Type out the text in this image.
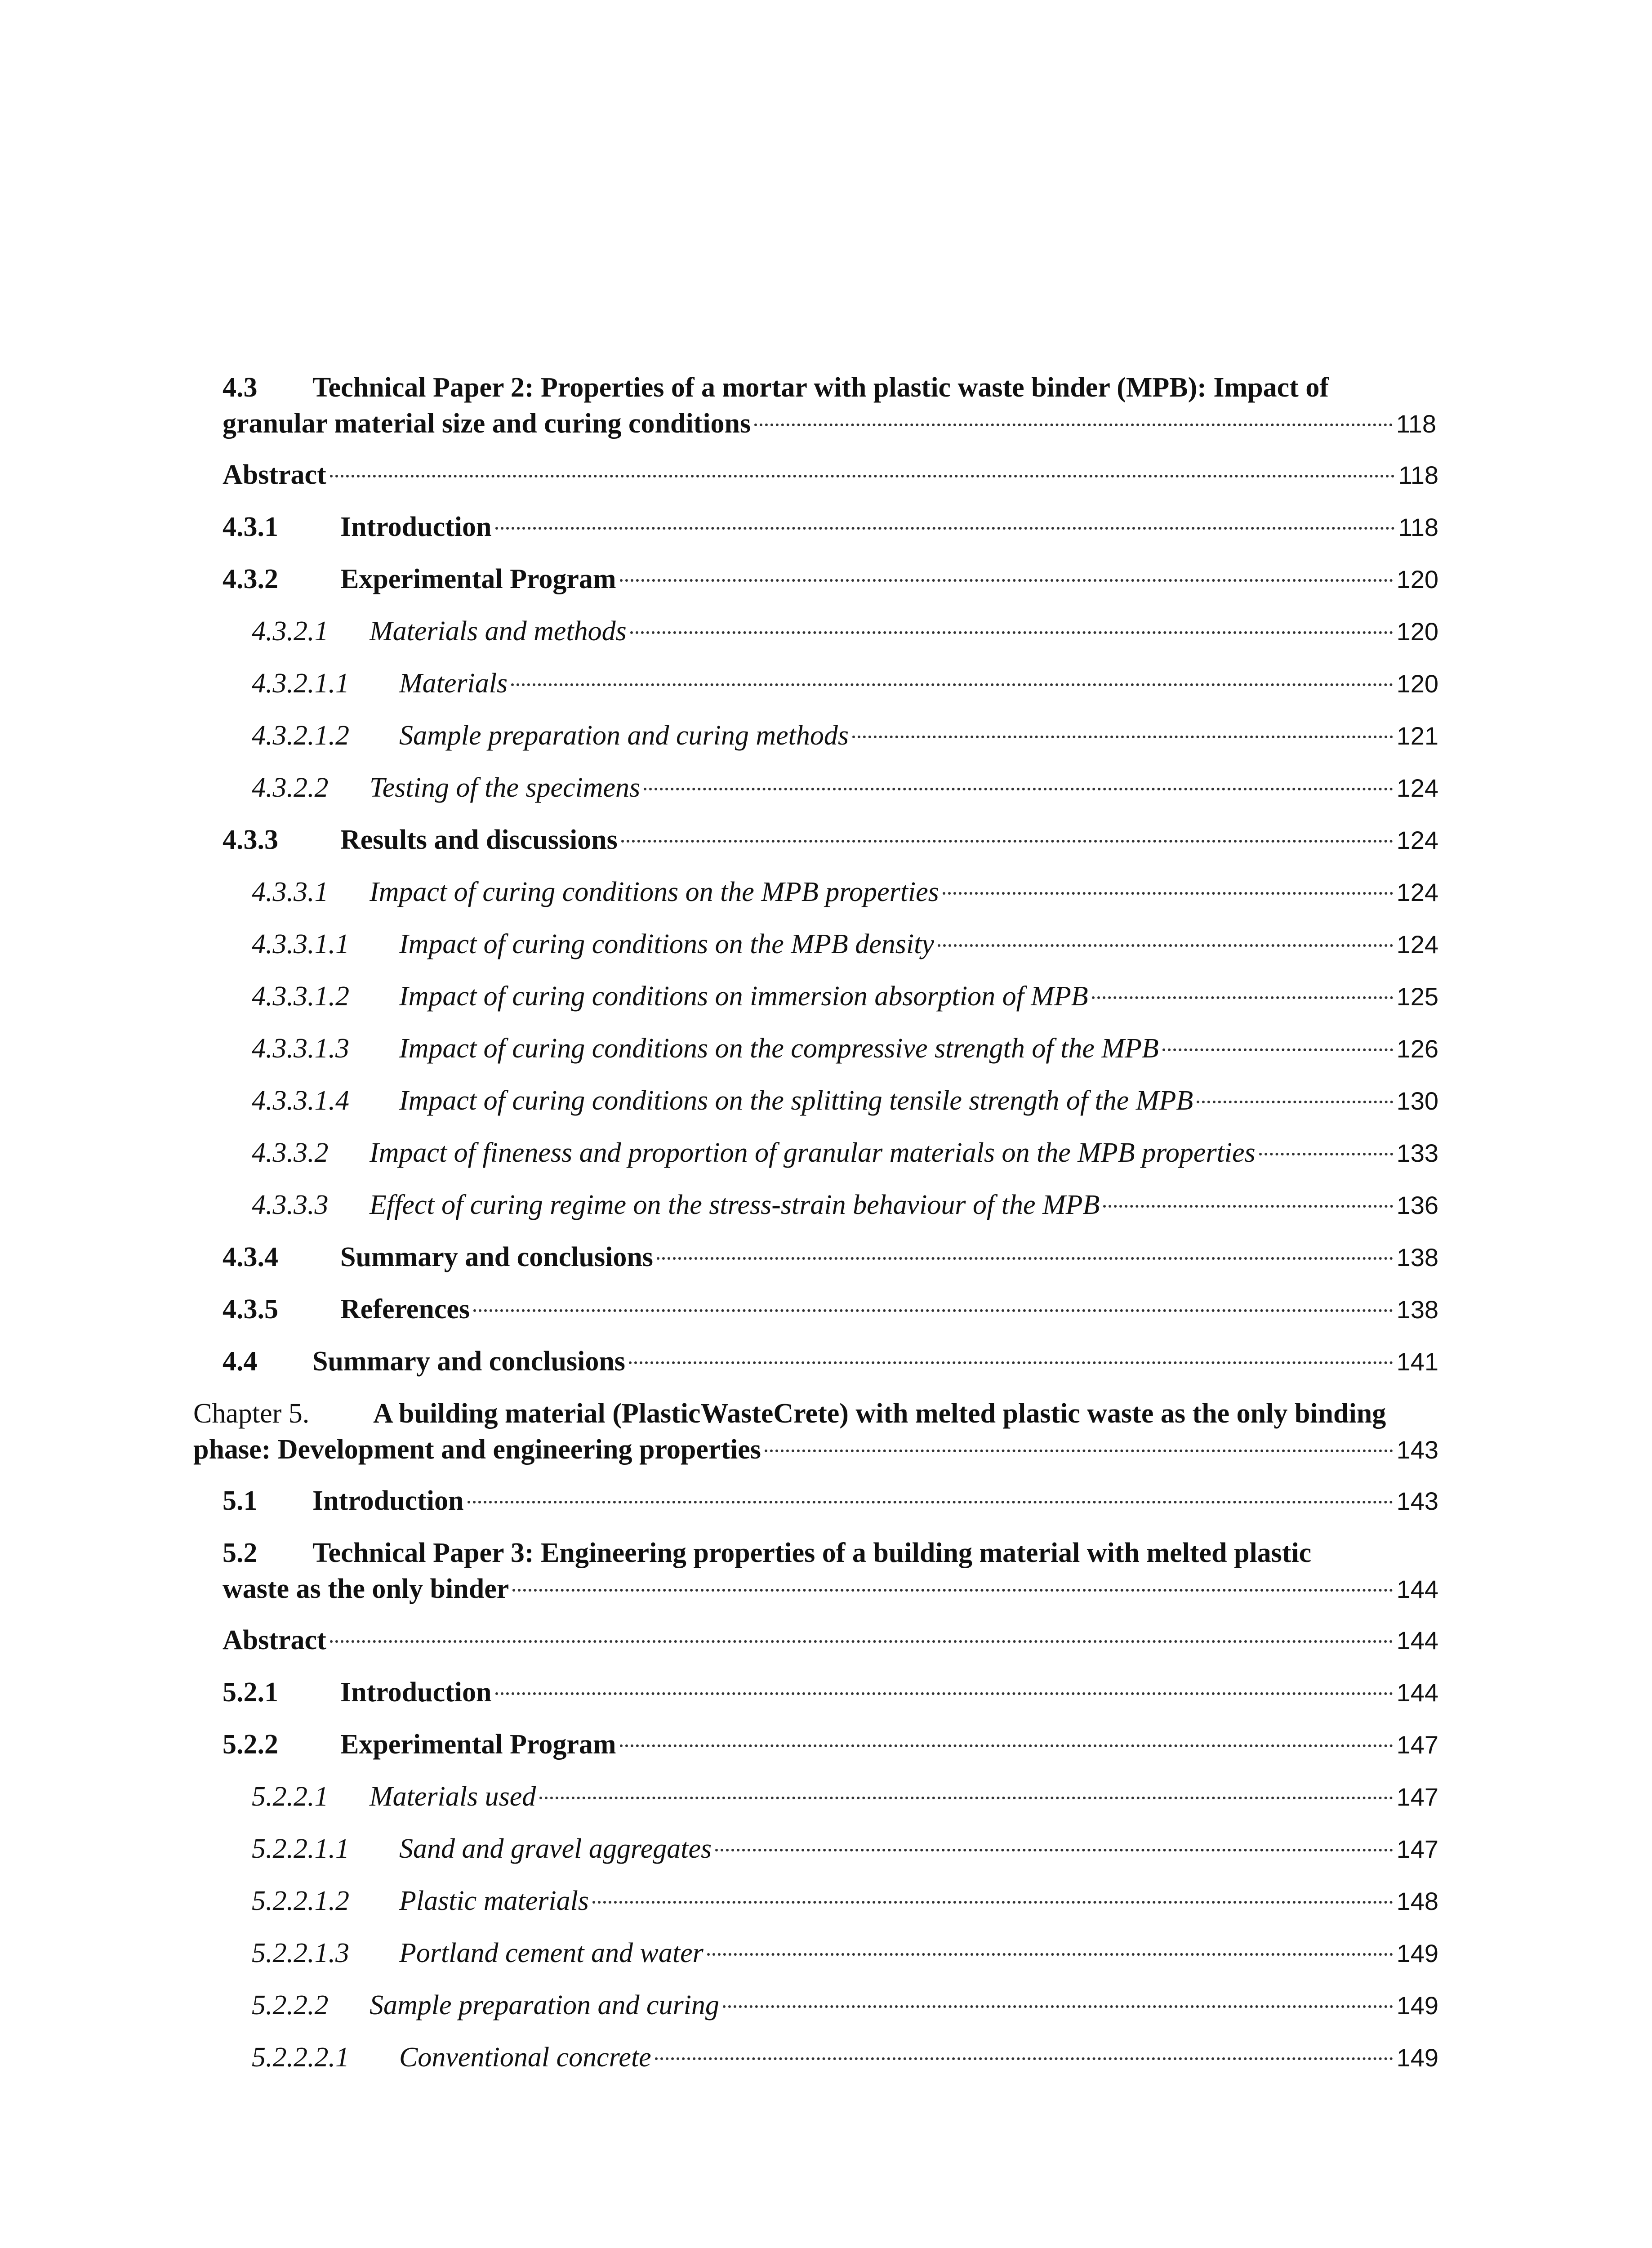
4.3	Technical Paper 2: Properties of a mortar with plastic waste binder (MPB): Impact of
granular material size and curing conditions	118
Abstract	118
4.3.1	Introduction	118
4.3.2	Experimental Program	120
4.3.2.1	Materials and methods	120
4.3.2.1.1	Materials	120
4.3.2.1.2	Sample preparation and curing methods	121
4.3.2.2	Testing of the specimens	124
4.3.3	Results and discussions	124
4.3.3.1	Impact of curing conditions on the MPB properties	124
4.3.3.1.1	Impact of curing conditions on the MPB density	124
4.3.3.1.2	Impact of curing conditions on immersion absorption of MPB	125
4.3.3.1.3	Impact of curing conditions on the compressive strength of the MPB	126
4.3.3.1.4	Impact of curing conditions on the splitting tensile strength of the MPB	130
4.3.3.2	Impact of fineness and proportion of granular materials on the MPB properties	133
4.3.3.3	Effect of curing regime on the stress-strain behaviour of the MPB	136
4.3.4	Summary and conclusions	138
4.3.5	References	138
4.4	Summary and conclusions	141
Chapter 5.	A building material (PlasticWasteCrete) with melted plastic waste as the only binding
phase: Development and engineering properties	143
5.1	Introduction	143
5.2	Technical Paper 3: Engineering properties of a building material with melted plastic
waste as the only binder	144
Abstract	144
5.2.1	Introduction	144
5.2.2	Experimental Program	147
5.2.2.1	Materials used	147
5.2.2.1.1	Sand and gravel aggregates	147
5.2.2.1.2	Plastic materials	148
5.2.2.1.3	Portland cement and water	149
5.2.2.2	Sample preparation and curing	149
5.2.2.2.1	Conventional concrete	149
